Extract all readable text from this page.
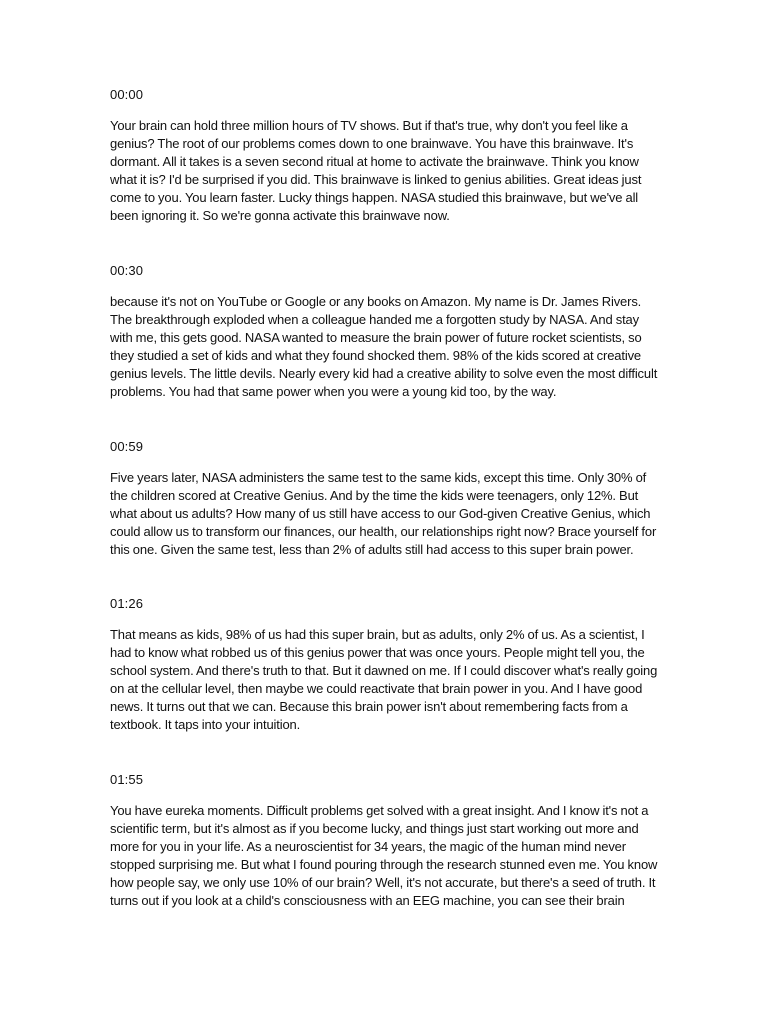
00:00

Your brain can hold three million hours of TV shows. But if that's true, why don't you feel like a genius? The root of our problems comes down to one brainwave. You have this brainwave. It's dormant. All it takes is a seven second ritual at home to activate the brainwave. Think you know what it is? I'd be surprised if you did. This brainwave is linked to genius abilities. Great ideas just come to you. You learn faster. Lucky things happen. NASA studied this brainwave, but we've all been ignoring it. So we're gonna activate this brainwave now.

00:30

because it's not on YouTube or Google or any books on Amazon. My name is Dr. James Rivers. The breakthrough exploded when a colleague handed me a forgotten study by NASA. And stay with me, this gets good. NASA wanted to measure the brain power of future rocket scientists, so they studied a set of kids and what they found shocked them. 98% of the kids scored at creative genius levels. The little devils. Nearly every kid had a creative ability to solve even the most difficult problems. You had that same power when you were a young kid too, by the way.

00:59

Five years later, NASA administers the same test to the same kids, except this time. Only 30% of the children scored at Creative Genius. And by the time the kids were teenagers, only 12%. But what about us adults? How many of us still have access to our God-given Creative Genius, which could allow us to transform our finances, our health, our relationships right now? Brace yourself for this one. Given the same test, less than 2% of adults still had access to this super brain power.

01:26

That means as kids, 98% of us had this super brain, but as adults, only 2% of us. As a scientist, I had to know what robbed us of this genius power that was once yours. People might tell you, the school system. And there's truth to that. But it dawned on me. If I could discover what's really going on at the cellular level, then maybe we could reactivate that brain power in you. And I have good news. It turns out that we can. Because this brain power isn't about remembering facts from a textbook. It taps into your intuition.

01:55

You have eureka moments. Difficult problems get solved with a great insight. And I know it's not a scientific term, but it's almost as if you become lucky, and things just start working out more and more for you in your life. As a neuroscientist for 34 years, the magic of the human mind never stopped surprising me. But what I found pouring through the research stunned even me. You know how people say, we only use 10% of our brain? Well, it's not accurate, but there's a seed of truth. It turns out if you look at a child's consciousness with an EEG machine, you can see their brain
